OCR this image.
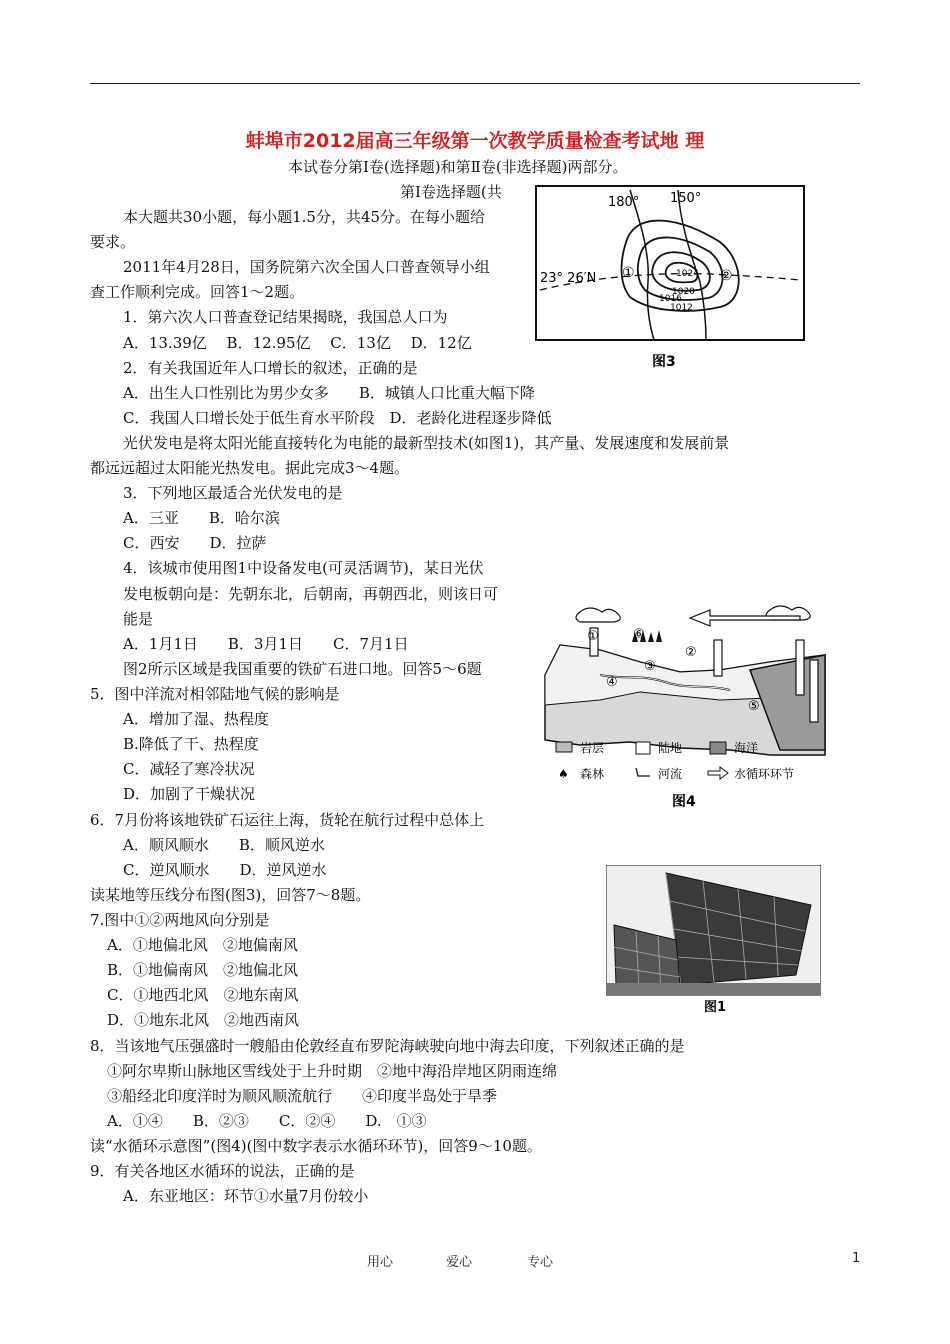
蚌埠市2012届高三年级第一次教学质量检查考试地 理
本试卷分第Ⅰ卷(选择题)和第Ⅱ卷(非选择题)两部分。
第Ⅰ卷选择题(共
本大题共30小题，每小题1.5分，共45分。在每小题给
要求。
2011年4月28日，国务院第六次全国人口普查领导小组
查工作顺利完成。回答1～2题。
1．第六次人口普查登记结果揭晓，我国总人口为
A．13.39亿　 B．12.95亿　 C．13亿　 D．12亿
2．有关我国近年人口增长的叙述，正确的是
A．出生人口性别比为男少女多　　B．城镇人口比重大幅下降
C．我国人口增长处于低生育水平阶段　D．老龄化进程逐步降低
光伏发电是将太阳光能直接转化为电能的最新型技术(如图1)，其产量、发展速度和发展前景
都远远超过太阳能光热发电。据此完成3～4题。
3．下列地区最适合光伏发电的是
A．三亚　　B．哈尔滨
C．西安　　D．拉萨
4．该城市使用图1中设备发电(可灵活调节)，某日光伏
发电板朝向是：先朝东北，后朝南，再朝西北，则该日可
能是
A．1月1日　　B．3月1日　　C．7月1日
图2所示区域是我国重要的铁矿石进口地。回答5～6题
5．图中洋流对相邻陆地气候的影响是
A．增加了湿、热程度
B.降低了干、热程度
C．减轻了寒冷状况
D．加剧了干燥状况
6．7月份将该地铁矿石运往上海，货轮在航行过程中总体上
A．顺风顺水　　B．顺风逆水
C．逆风顺水　　D．逆风逆水
读某地等压线分布图(图3)，回答7～8题。
7.图中①②两地风向分别是
A．①地偏北风　②地偏南风
B．①地偏南风　②地偏北风
C．①地西北风　②地东南风
D．①地东北风　②地西南风
8．当该地气压强盛时一艘船由伦敦经直布罗陀海峡驶向地中海去印度，下列叙述正确的是
①阿尔卑斯山脉地区雪线处于上升时期　②地中海沿岸地区阴雨连绵
③船经北印度洋时为顺风顺流航行　　④印度半岛处于旱季
A．①④　　B．②③　　C．②④　　D.　①③
读“水循环示意图”(图4)(图中数字表示水循环环节)，回答9～10题。
9．有关各地区水循环的说法，正确的是
A．东亚地区：环节①水量7月份较小
180° 150°
23° 26′N	1024
1020
1016
1012
①	②
图3
①
②
③
④
⑤
⑥
岩层	陆地	海洋
♠ 森林	河流	水循环环节
图4
图1
用心	爱心	专心	1
